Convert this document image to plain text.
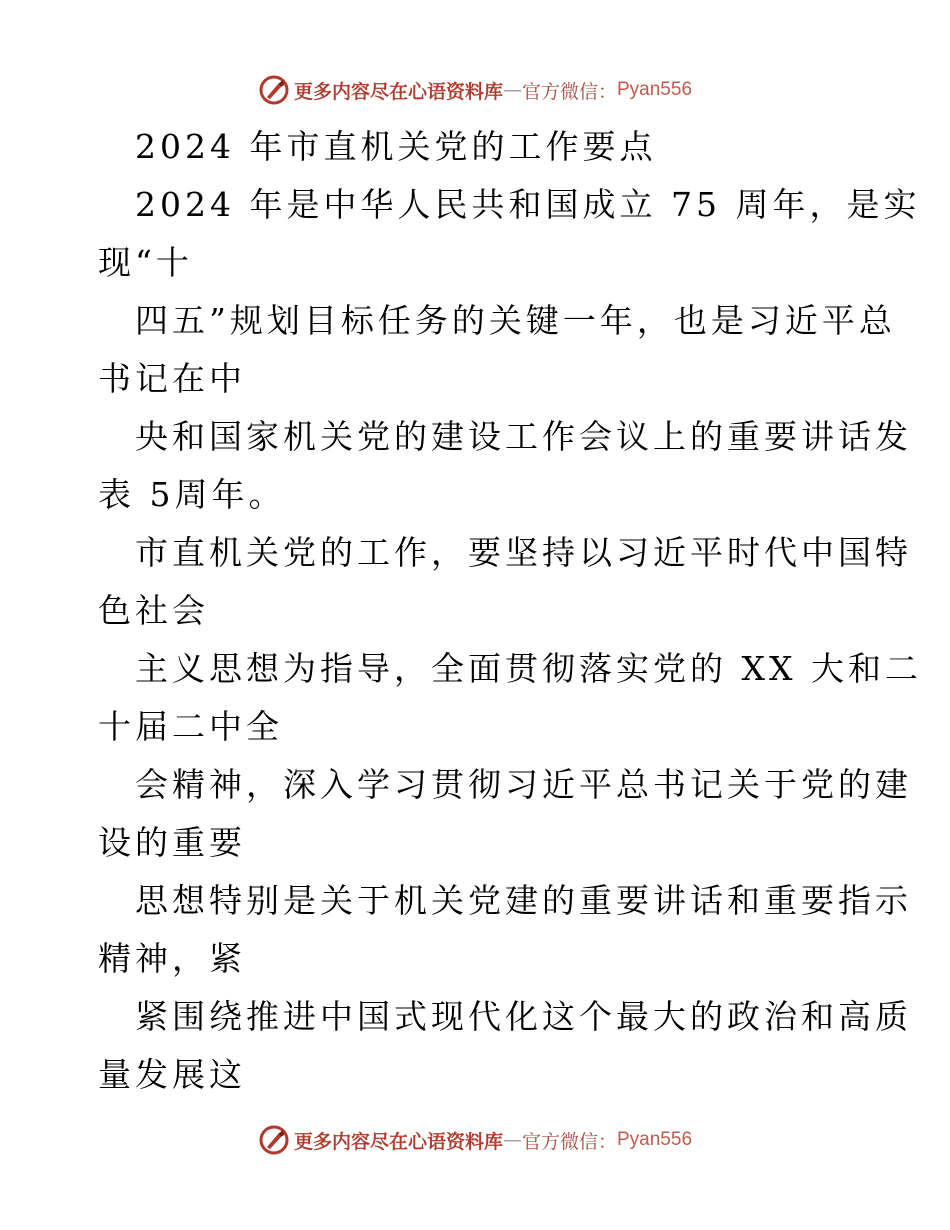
更多内容尽在心语资料库 — 官方微信： Pyan556
2024 年市直机关党的工作要点
2024 年是中华人民共和国成立 75 周年，是实
现“十
四五”规划目标任务的关键一年，也是习近平总
书记在中
央和国家机关党的建设工作会议上的重要讲话发
表 5周年。
市直机关党的工作，要坚持以习近平时代中国特
色社会
主义思想为指导，全面贯彻落实党的 XX 大和二
十届二中全
会精神，深入学习贯彻习近平总书记关于党的建
设的重要
思想特别是关于机关党建的重要讲话和重要指示
精神，紧
紧围绕推进中国式现代化这个最大的政治和高质
量发展这
更多内容尽在心语资料库 — 官方微信： Pyan556
